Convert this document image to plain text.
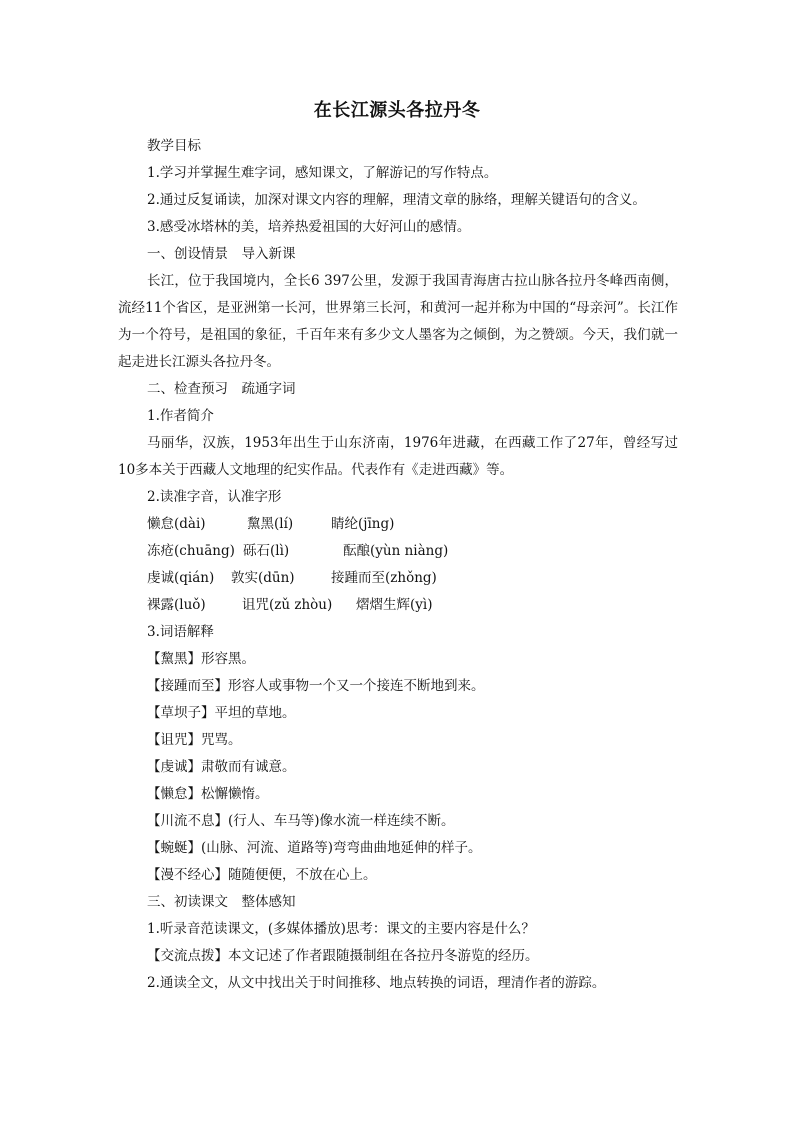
在长江源头各拉丹冬
教学目标
1.学习并掌握生难字词，感知课文，了解游记的写作特点。
2.通过反复诵读，加深对课文内容的理解，理清文章的脉络，理解关键语句的含义。
3.感受冰塔林的美，培养热爱祖国的大好河山的感情。
一、创设情景　导入新课

长江，位于我国境内，全长6 397公里，发源于我国青海唐古拉山脉各拉丹冬峰西南侧，流经11个省区，是亚洲第一长河，世界第三长河，和黄河一起并称为中国的“母亲河”。长江作为一个符号，是祖国的象征，千百年来有多少文人墨客为之倾倒，为之赞颂。今天，我们就一起走进长江源头各拉丹冬。

二、检查预习　疏通字词
1.作者简介

马丽华，汉族，1953年出生于山东济南，1976年进藏，在西藏工作了27年，曾经写过10多本关于西藏人文地理的纪实作品。代表作有《走进西藏》等。

2.读准字音，认准字形
懒怠(dài)	黧黑(lí)	睛纶(jīng)
冻疮(chuāng) 砾石(lì)	酝酿(yùn niàng)
虔诚(qián) 敦实(dūn)	接踵而至(zhǒng)
裸露(luǒ)	诅咒(zǔ zhòu) 熠熠生辉(yì)
3.词语解释
【黧黑】形容黑。
【接踵而至】形容人或事物一个又一个接连不断地到来。
【草坝子】平坦的草地。
【诅咒】咒骂。
【虔诚】肃敬而有诚意。
【懒怠】松懈懒惰。
【川流不息】(行人、车马等)像水流一样连续不断。
【蜿蜒】(山脉、河流、道路等)弯弯曲曲地延伸的样子。
【漫不经心】随随便便，不放在心上。
三、初读课文　整体感知
1.听录音范读课文，(多媒体播放)思考：课文的主要内容是什么？
【交流点拨】本文记述了作者跟随摄制组在各拉丹冬游览的经历。
2.通读全文，从文中找出关于时间推移、地点转换的词语，理清作者的游踪。
